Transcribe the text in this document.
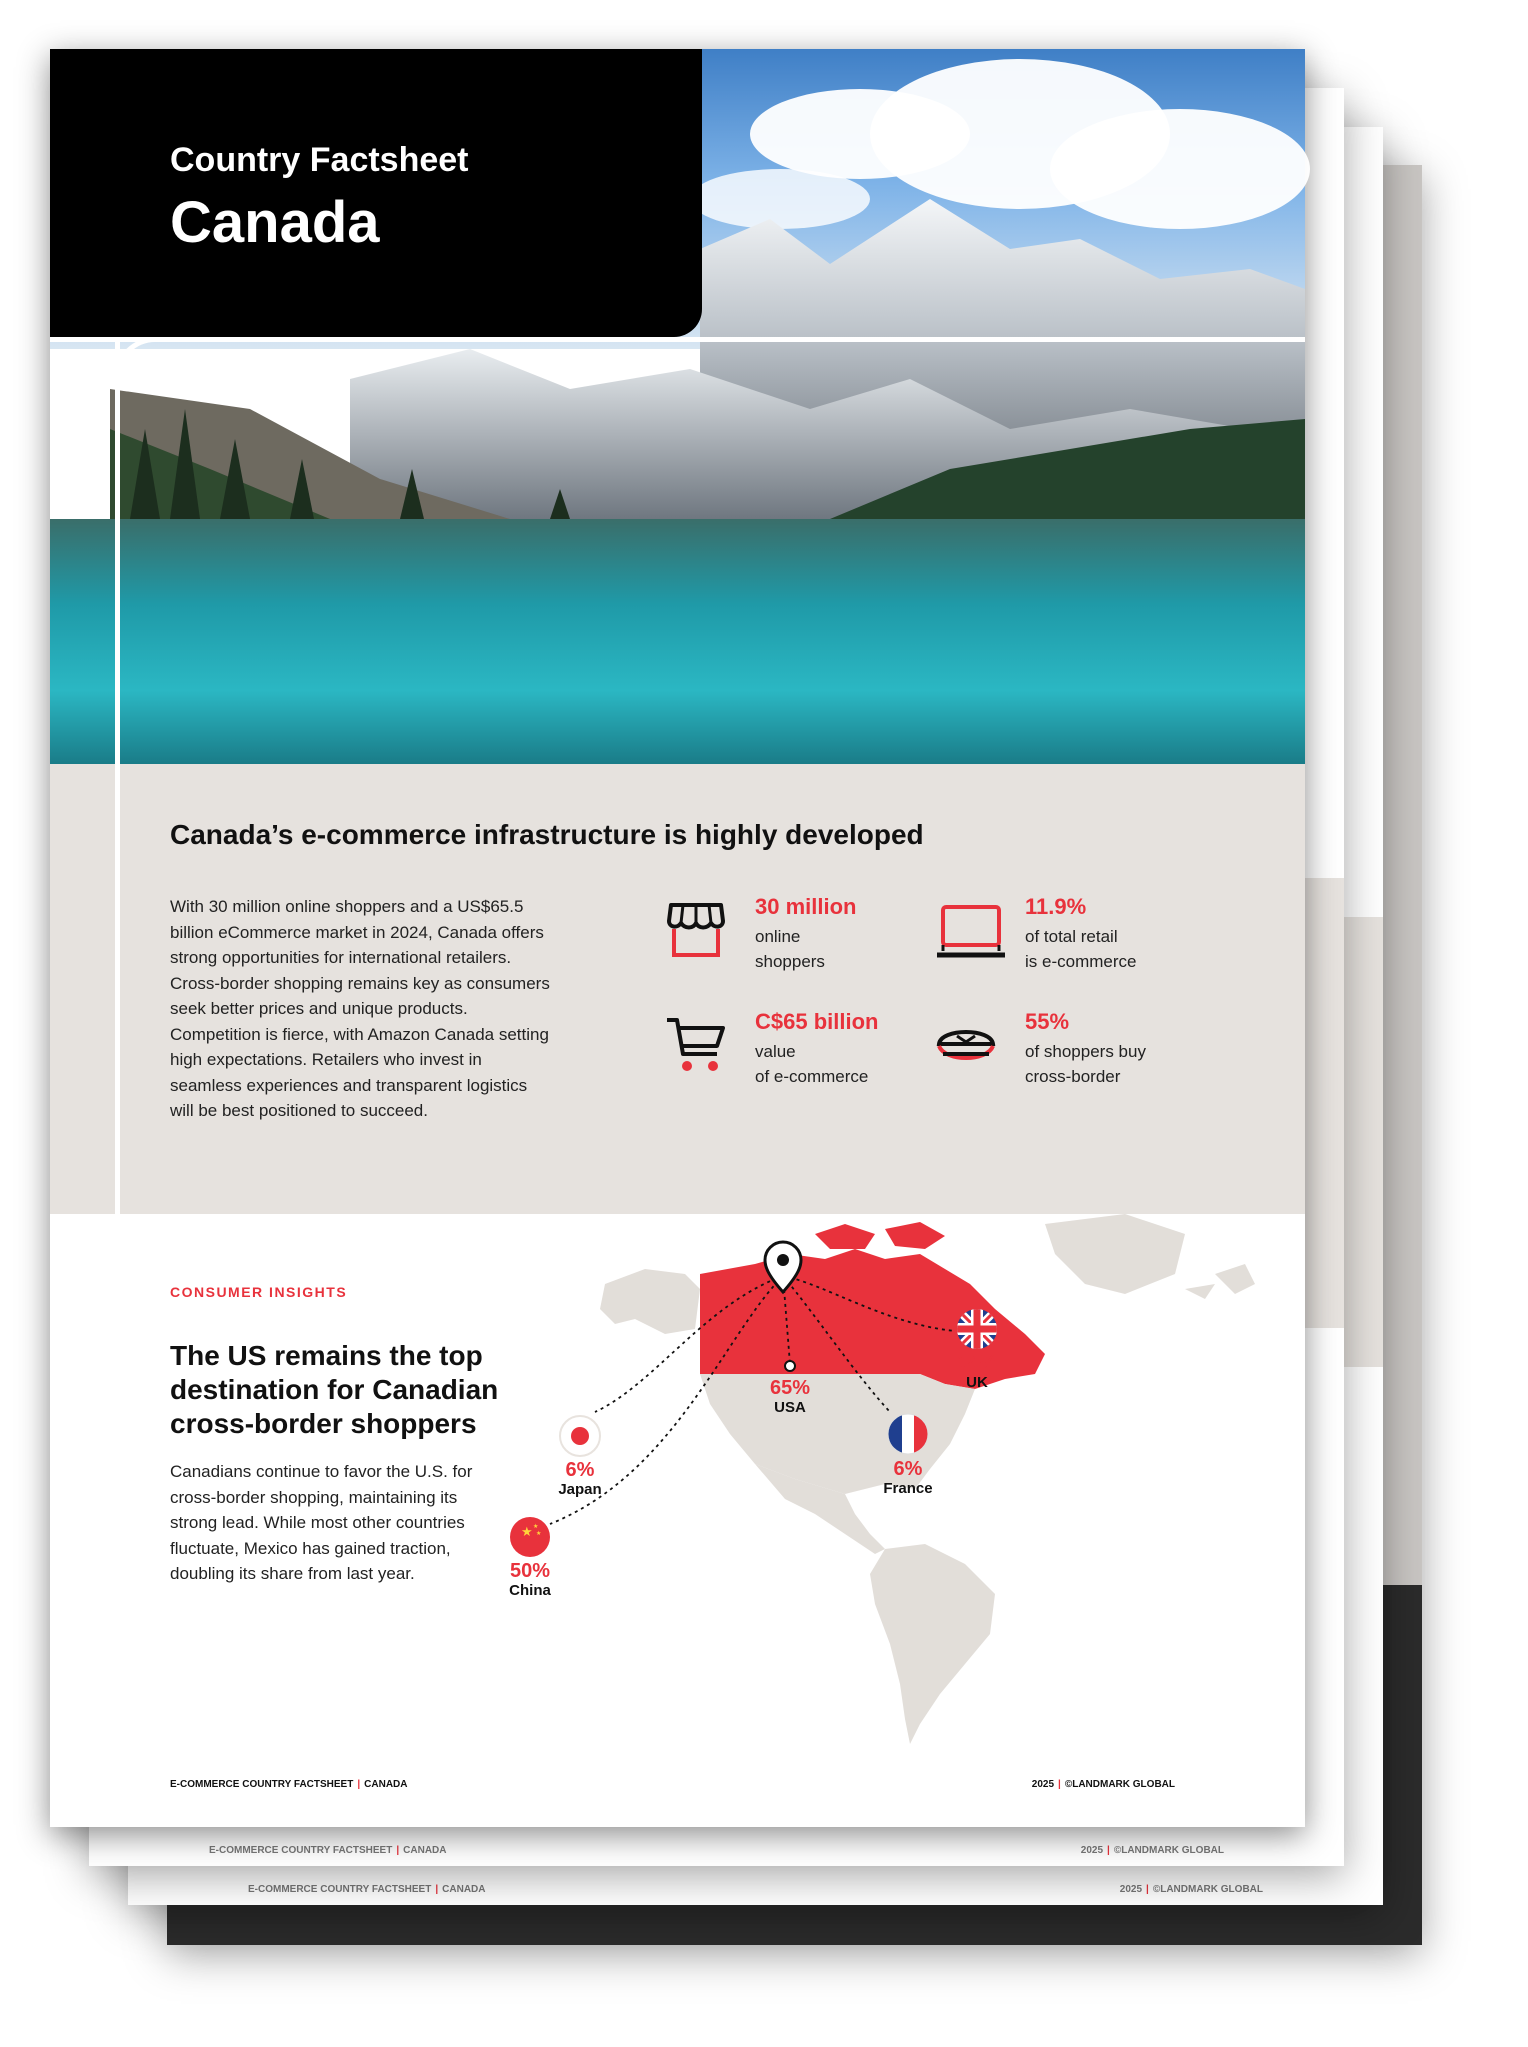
E-COMMERCE COUNTRY FACTSHEET | CANADA	2025 | ©LANDMARK GLOBAL
E-COMMERCE COUNTRY FACTSHEET | CANADA	2025 | ©LANDMARK GLOBAL
Country Factsheet
Canada
Canada’s e-commerce infrastructure is highly developed
With 30 million online shoppers and a US$65.5 billion eCommerce market in 2024, Canada offers strong opportunities for international retailers. Cross-border shopping remains key as consumers seek better prices and unique products. Competition is fierce, with Amazon Canada setting high expectations. Retailers who invest in seamless experiences and transparent logistics will be best positioned to succeed.
30 million
online
shoppers
11.9%
of total retail
is e-commerce
C$65 billion
value
of e-commerce
55%
of shoppers buy
cross-border
CONSUMER INSIGHTS
The US remains the top destination for Canadian cross-border shoppers
Canadians continue to favor the U.S. for cross-border shopping, maintaining its strong lead. While most other countries fluctuate, Mexico has gained traction, doubling its share from last year.
14%
UK
65%
USA
6%
France
6%
Japan
★ ★
★
50%
China
E-COMMERCE COUNTRY FACTSHEET | CANADA	2025 | ©LANDMARK GLOBAL
